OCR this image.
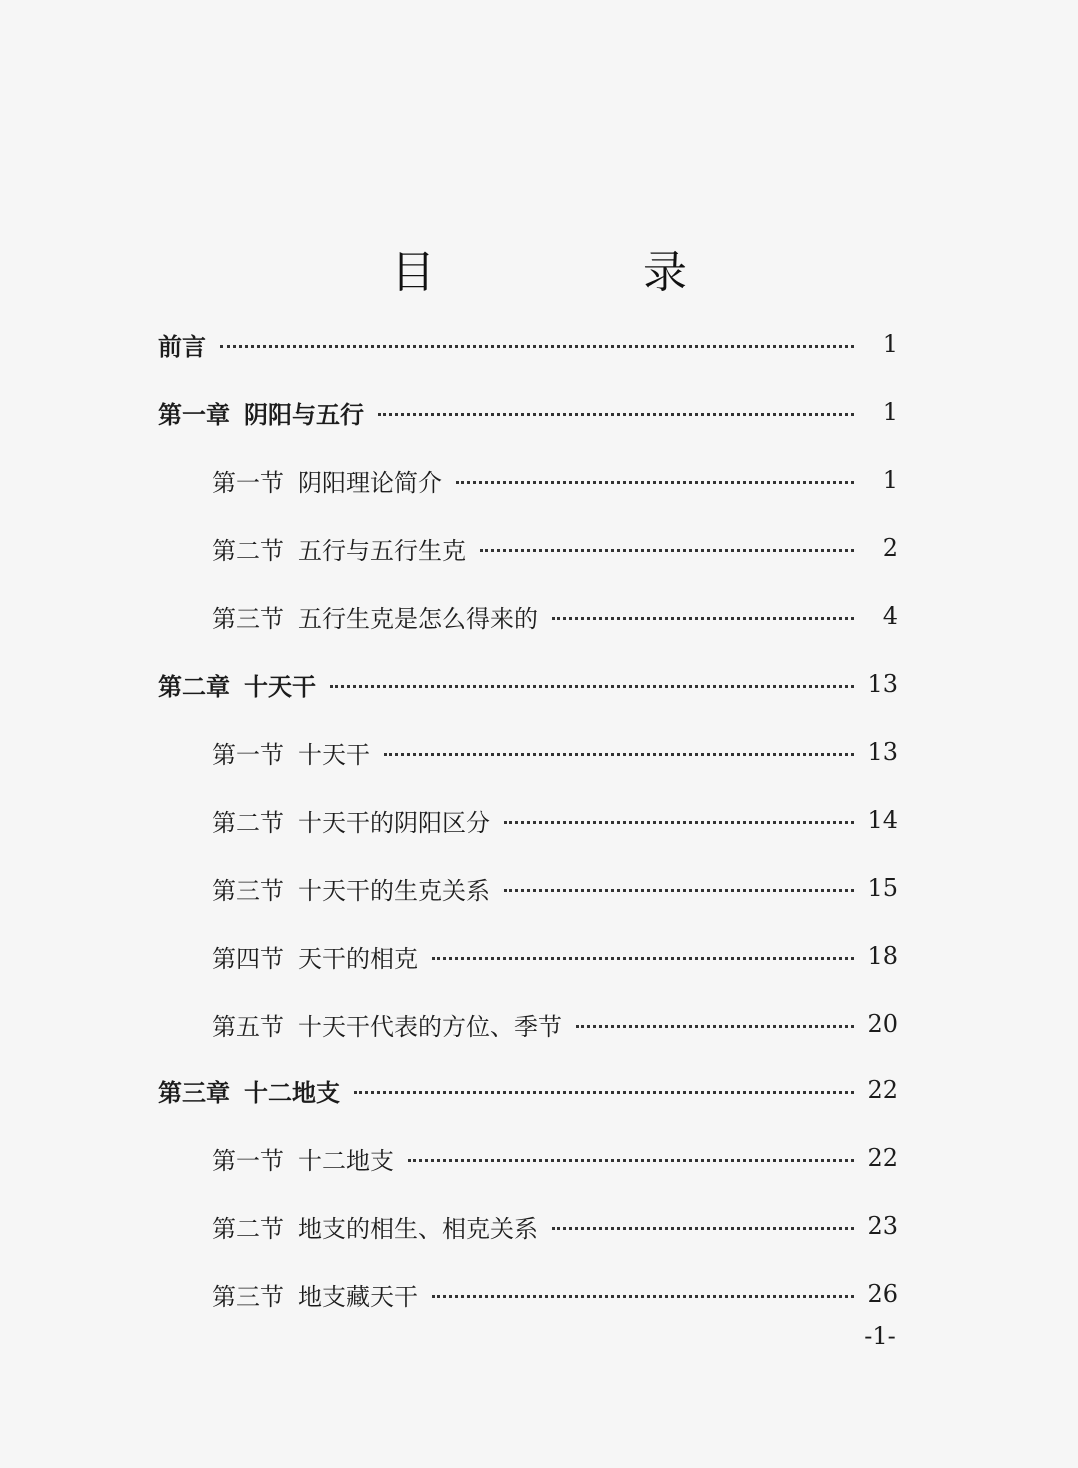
目　录
前言	1
第一章 阴阳与五行	1
第一节 阴阳理论简介	1
第二节 五行与五行生克	2
第三节 五行生克是怎么得来的	4
第二章 十天干	13
第一节 十天干	13
第二节 十天干的阴阳区分	14
第三节 十天干的生克关系	15
第四节 天干的相克	18
第五节 十天干代表的方位、季节	20
第三章 十二地支	22
第一节 十二地支	22
第二节 地支的相生、相克关系	23
第三节 地支藏天干	26
-1-
